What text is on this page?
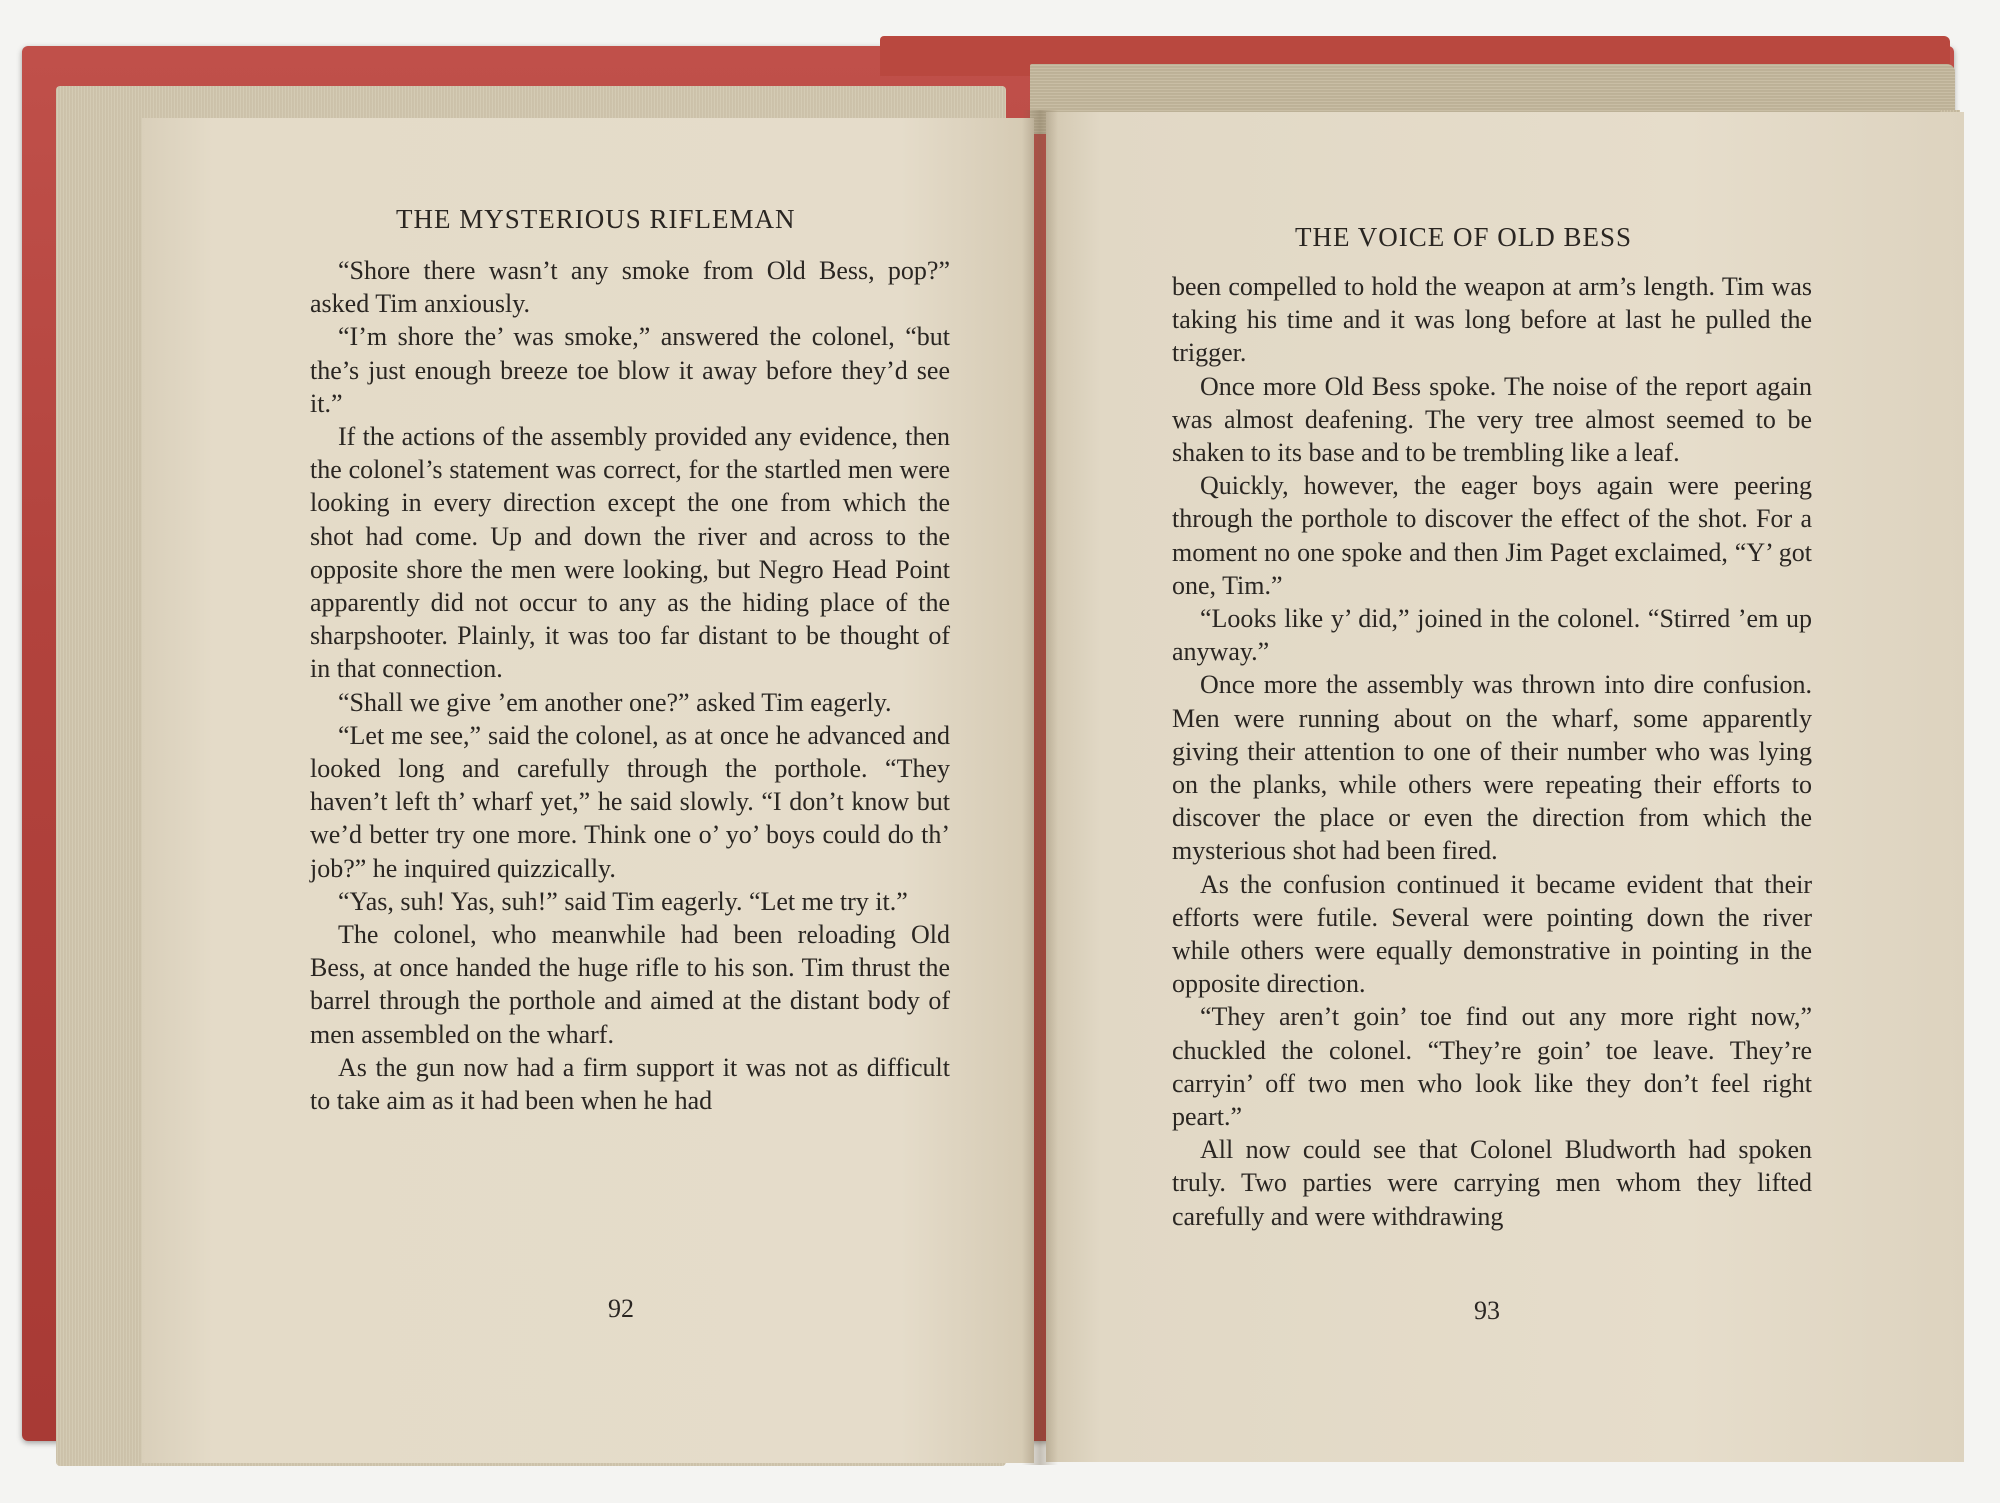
THE MYSTERIOUS RIFLEMAN

“Shore there wasn’t any smoke from Old Bess, pop?” asked Tim anxiously.

“I’m shore the’ was smoke,” answered the colonel, “but the’s just enough breeze toe blow it away before they’d see it.”

If the actions of the assembly provided any evidence, then the colonel’s statement was correct, for the startled men were looking in every direction except the one from which the shot had come. Up and down the river and across to the opposite shore the men were looking, but Negro Head Point apparently did not occur to any as the hiding place of the sharpshooter. Plainly, it was too far distant to be thought of in that connection.

“Shall we give ’em another one?” asked Tim eagerly.

“Let me see,” said the colonel, as at once he advanced and looked long and carefully through the porthole. “They haven’t left th’ wharf yet,” he said slowly. “I don’t know but we’d better try one more. Think one o’ yo’ boys could do th’ job?” he inquired quizzically.

“Yas, suh! Yas, suh!” said Tim eagerly. “Let me try it.”

The colonel, who meanwhile had been reloading Old Bess, at once handed the huge rifle to his son. Tim thrust the barrel through the porthole and aimed at the distant body of men assembled on the wharf.

As the gun now had a firm support it was not as difficult to take aim as it had been when he had

92
THE VOICE OF OLD BESS

been compelled to hold the weapon at arm’s length. Tim was taking his time and it was long before at last he pulled the trigger.

Once more Old Bess spoke. The noise of the report again was almost deafening. The very tree almost seemed to be shaken to its base and to be trembling like a leaf.

Quickly, however, the eager boys again were peering through the porthole to discover the effect of the shot. For a moment no one spoke and then Jim Paget exclaimed, “Y’ got one, Tim.”

“Looks like y’ did,” joined in the colonel. “Stirred ’em up anyway.”

Once more the assembly was thrown into dire confusion. Men were running about on the wharf, some apparently giving their attention to one of their number who was lying on the planks, while others were repeating their efforts to discover the place or even the direction from which the mysterious shot had been fired.

As the confusion continued it became evident that their efforts were futile. Several were pointing down the river while others were equally demonstrative in pointing in the opposite direction.

“They aren’t goin’ toe find out any more right now,” chuckled the colonel. “They’re goin’ toe leave. They’re carryin’ off two men who look like they don’t feel right peart.”

All now could see that Colonel Bludworth had spoken truly. Two parties were carrying men whom they lifted carefully and were withdrawing

93
